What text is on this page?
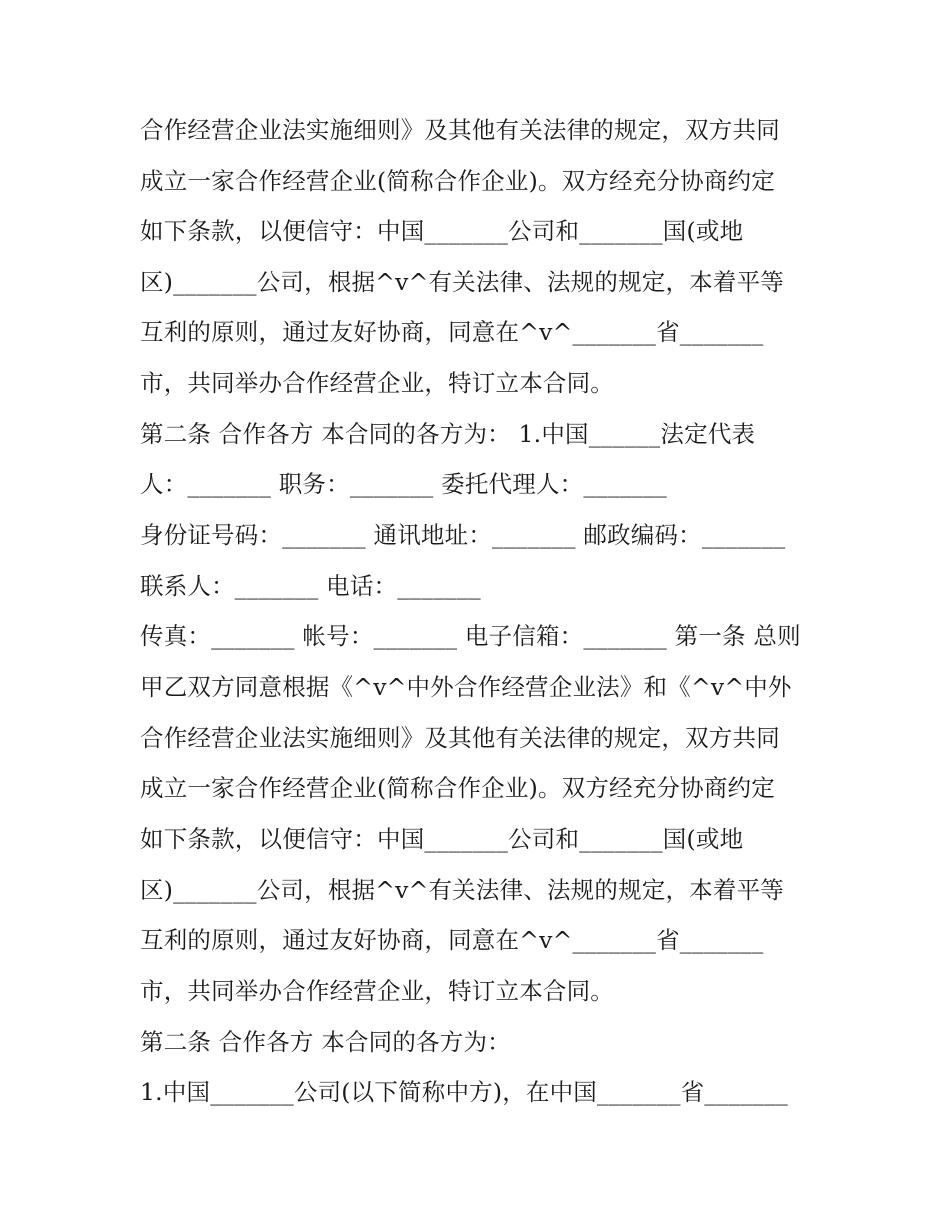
合作经营企业法实施细则》及其他有关法律的规定，双方共同
成立一家合作经营企业(简称合作企业)。双方经充分协商约定
如下条款，以便信守：中国_______公司和_______国(或地
区)_______公司，根据^v^有关法律、法规的规定，本着平等
互利的原则，通过友好协商，同意在^v^_______省_______
市，共同举办合作经营企业，特订立本合同。
第二条 合作各方 本合同的各方为： 1.中国______法定代表
人：_______ 职务：_______ 委托代理人：_______
身份证号码：_______ 通讯地址：_______ 邮政编码：_______
联系人：_______ 电话：_______
传真：_______ 帐号：_______ 电子信箱：_______ 第一条 总则
甲乙双方同意根据《^v^中外合作经营企业法》和《^v^中外
合作经营企业法实施细则》及其他有关法律的规定，双方共同
成立一家合作经营企业(简称合作企业)。双方经充分协商约定
如下条款，以便信守：中国_______公司和_______国(或地
区)_______公司，根据^v^有关法律、法规的规定，本着平等
互利的原则，通过友好协商，同意在^v^_______省_______
市，共同举办合作经营企业，特订立本合同。
第二条 合作各方 本合同的各方为：
1.中国_______公司(以下简称中方)，在中国_______省_______
